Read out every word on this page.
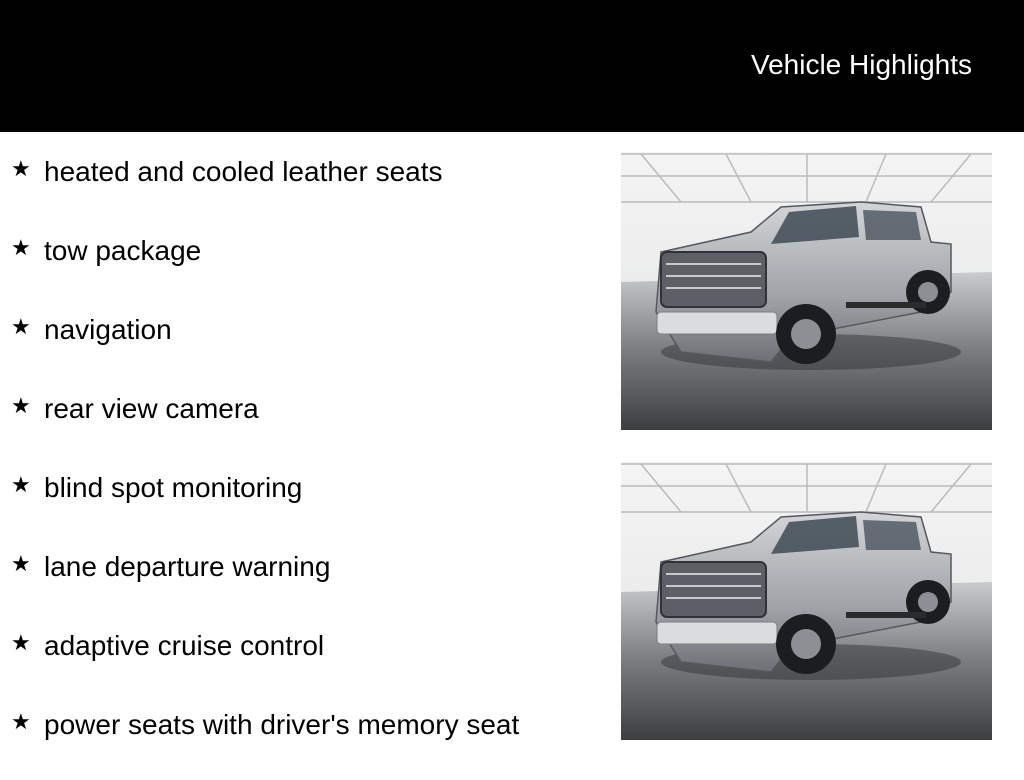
Vehicle Highlights
★ heated and cooled leather seats
★ tow package
★ navigation
★ rear view camera
★ blind spot monitoring
★ lane departure warning
★ adaptive cruise control
★ power seats with driver's memory seat
